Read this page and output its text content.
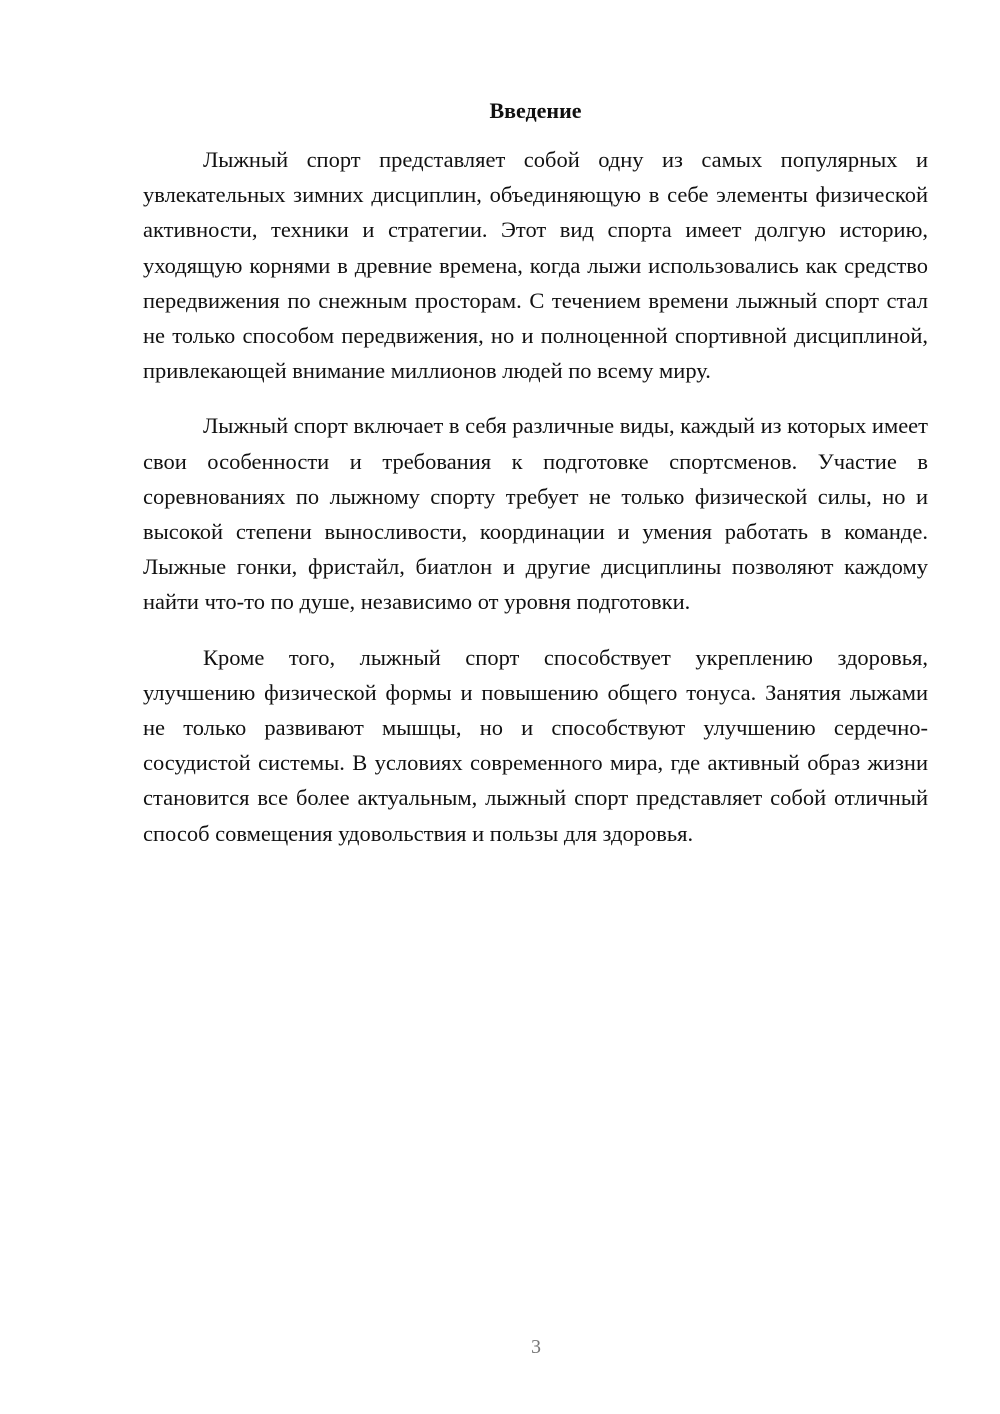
Введение

Лыжный спорт представляет собой одну из самых популярных и увлекательных зимних дисциплин, объединяющую в себе элементы физической активности, техники и стратегии. Этот вид спорта имеет долгую историю, уходящую корнями в древние времена, когда лыжи использовались как средство передвижения по снежным просторам. С течением времени лыжный спорт стал не только способом передвижения, но и полноценной спортивной дисциплиной, привлекающей внимание миллионов людей по всему миру.

Лыжный спорт включает в себя различные виды, каждый из которых имеет свои особенности и требования к подготовке спортсменов. Участие в соревнованиях по лыжному спорту требует не только физической силы, но и высокой степени выносливости, координации и умения работать в команде. Лыжные гонки, фристайл, биатлон и другие дисциплины позволяют каждому найти что-то по душе, независимо от уровня подготовки.

Кроме того, лыжный спорт способствует укреплению здоровья, улучшению физической формы и повышению общего тонуса. Занятия лыжами не только развивают мышцы, но и способствуют улучшению сердечно-сосудистой системы. В условиях современного мира, где активный образ жизни становится все более актуальным, лыжный спорт представляет собой отличный способ совмещения удовольствия и пользы для здоровья.

3
